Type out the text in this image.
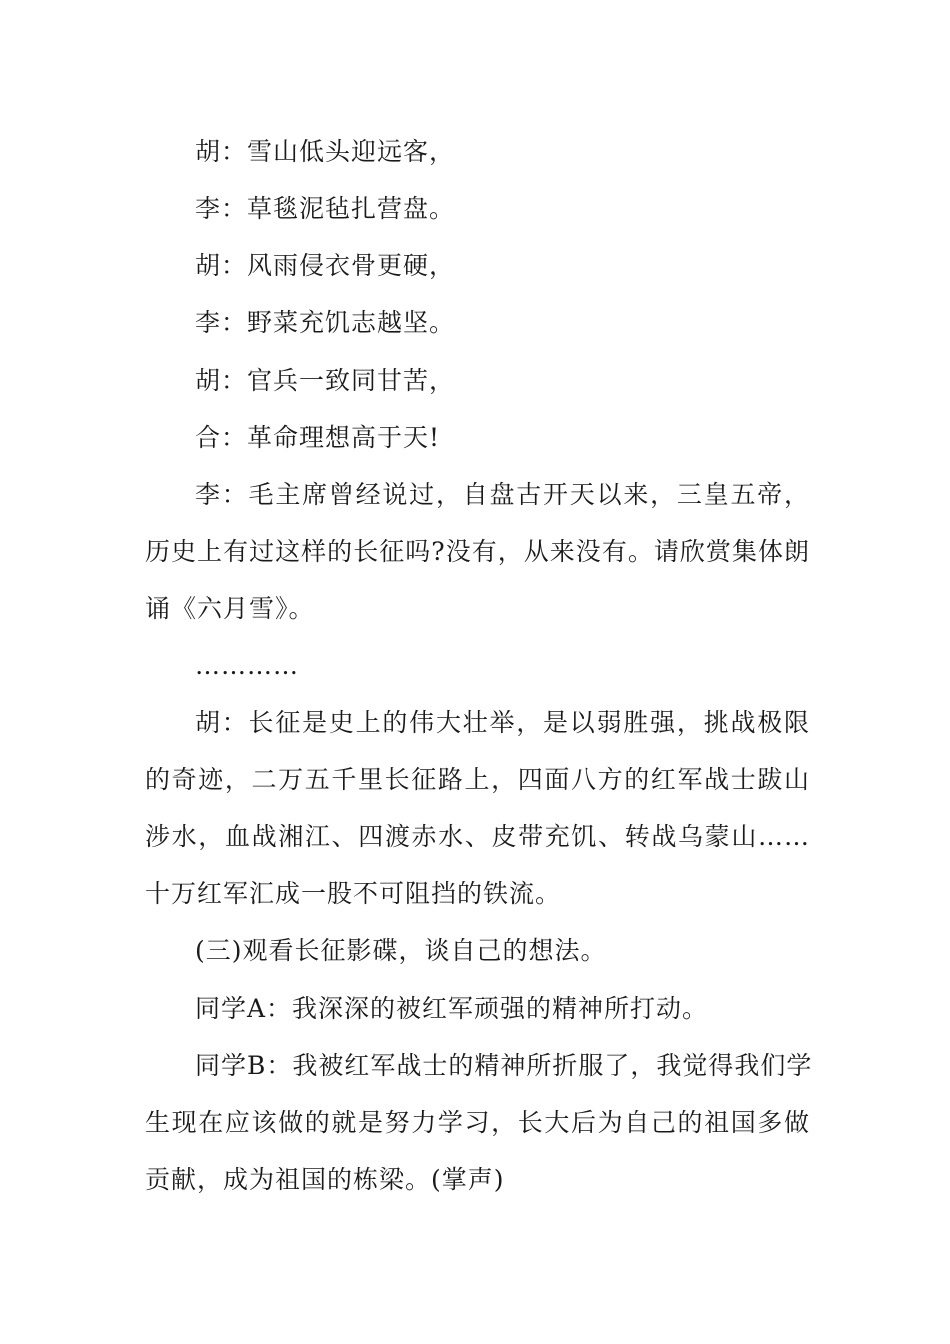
胡：雪山低头迎远客，
李：草毯泥毡扎营盘。
胡：风雨侵衣骨更硬，
李：野菜充饥志越坚。
胡：官兵一致同甘苦，
合：革命理想高于天!
李：毛主席曾经说过，自盘古开天以来，三皇五帝，
历史上有过这样的长征吗?没有，从来没有。请欣赏集体朗
诵《六月雪》。
…………
胡：长征是史上的伟大壮举，是以弱胜强，挑战极限
的奇迹，二万五千里长征路上，四面八方的红军战士跋山
涉水，血战湘江、四渡赤水、皮带充饥、转战乌蒙山……
十万红军汇成一股不可阻挡的铁流。
(三)观看长征影碟，谈自己的想法。
同学A：我深深的被红军顽强的精神所打动。
同学B：我被红军战士的精神所折服了，我觉得我们学
生现在应该做的就是努力学习，长大后为自己的祖国多做
贡献，成为祖国的栋梁。(掌声)
